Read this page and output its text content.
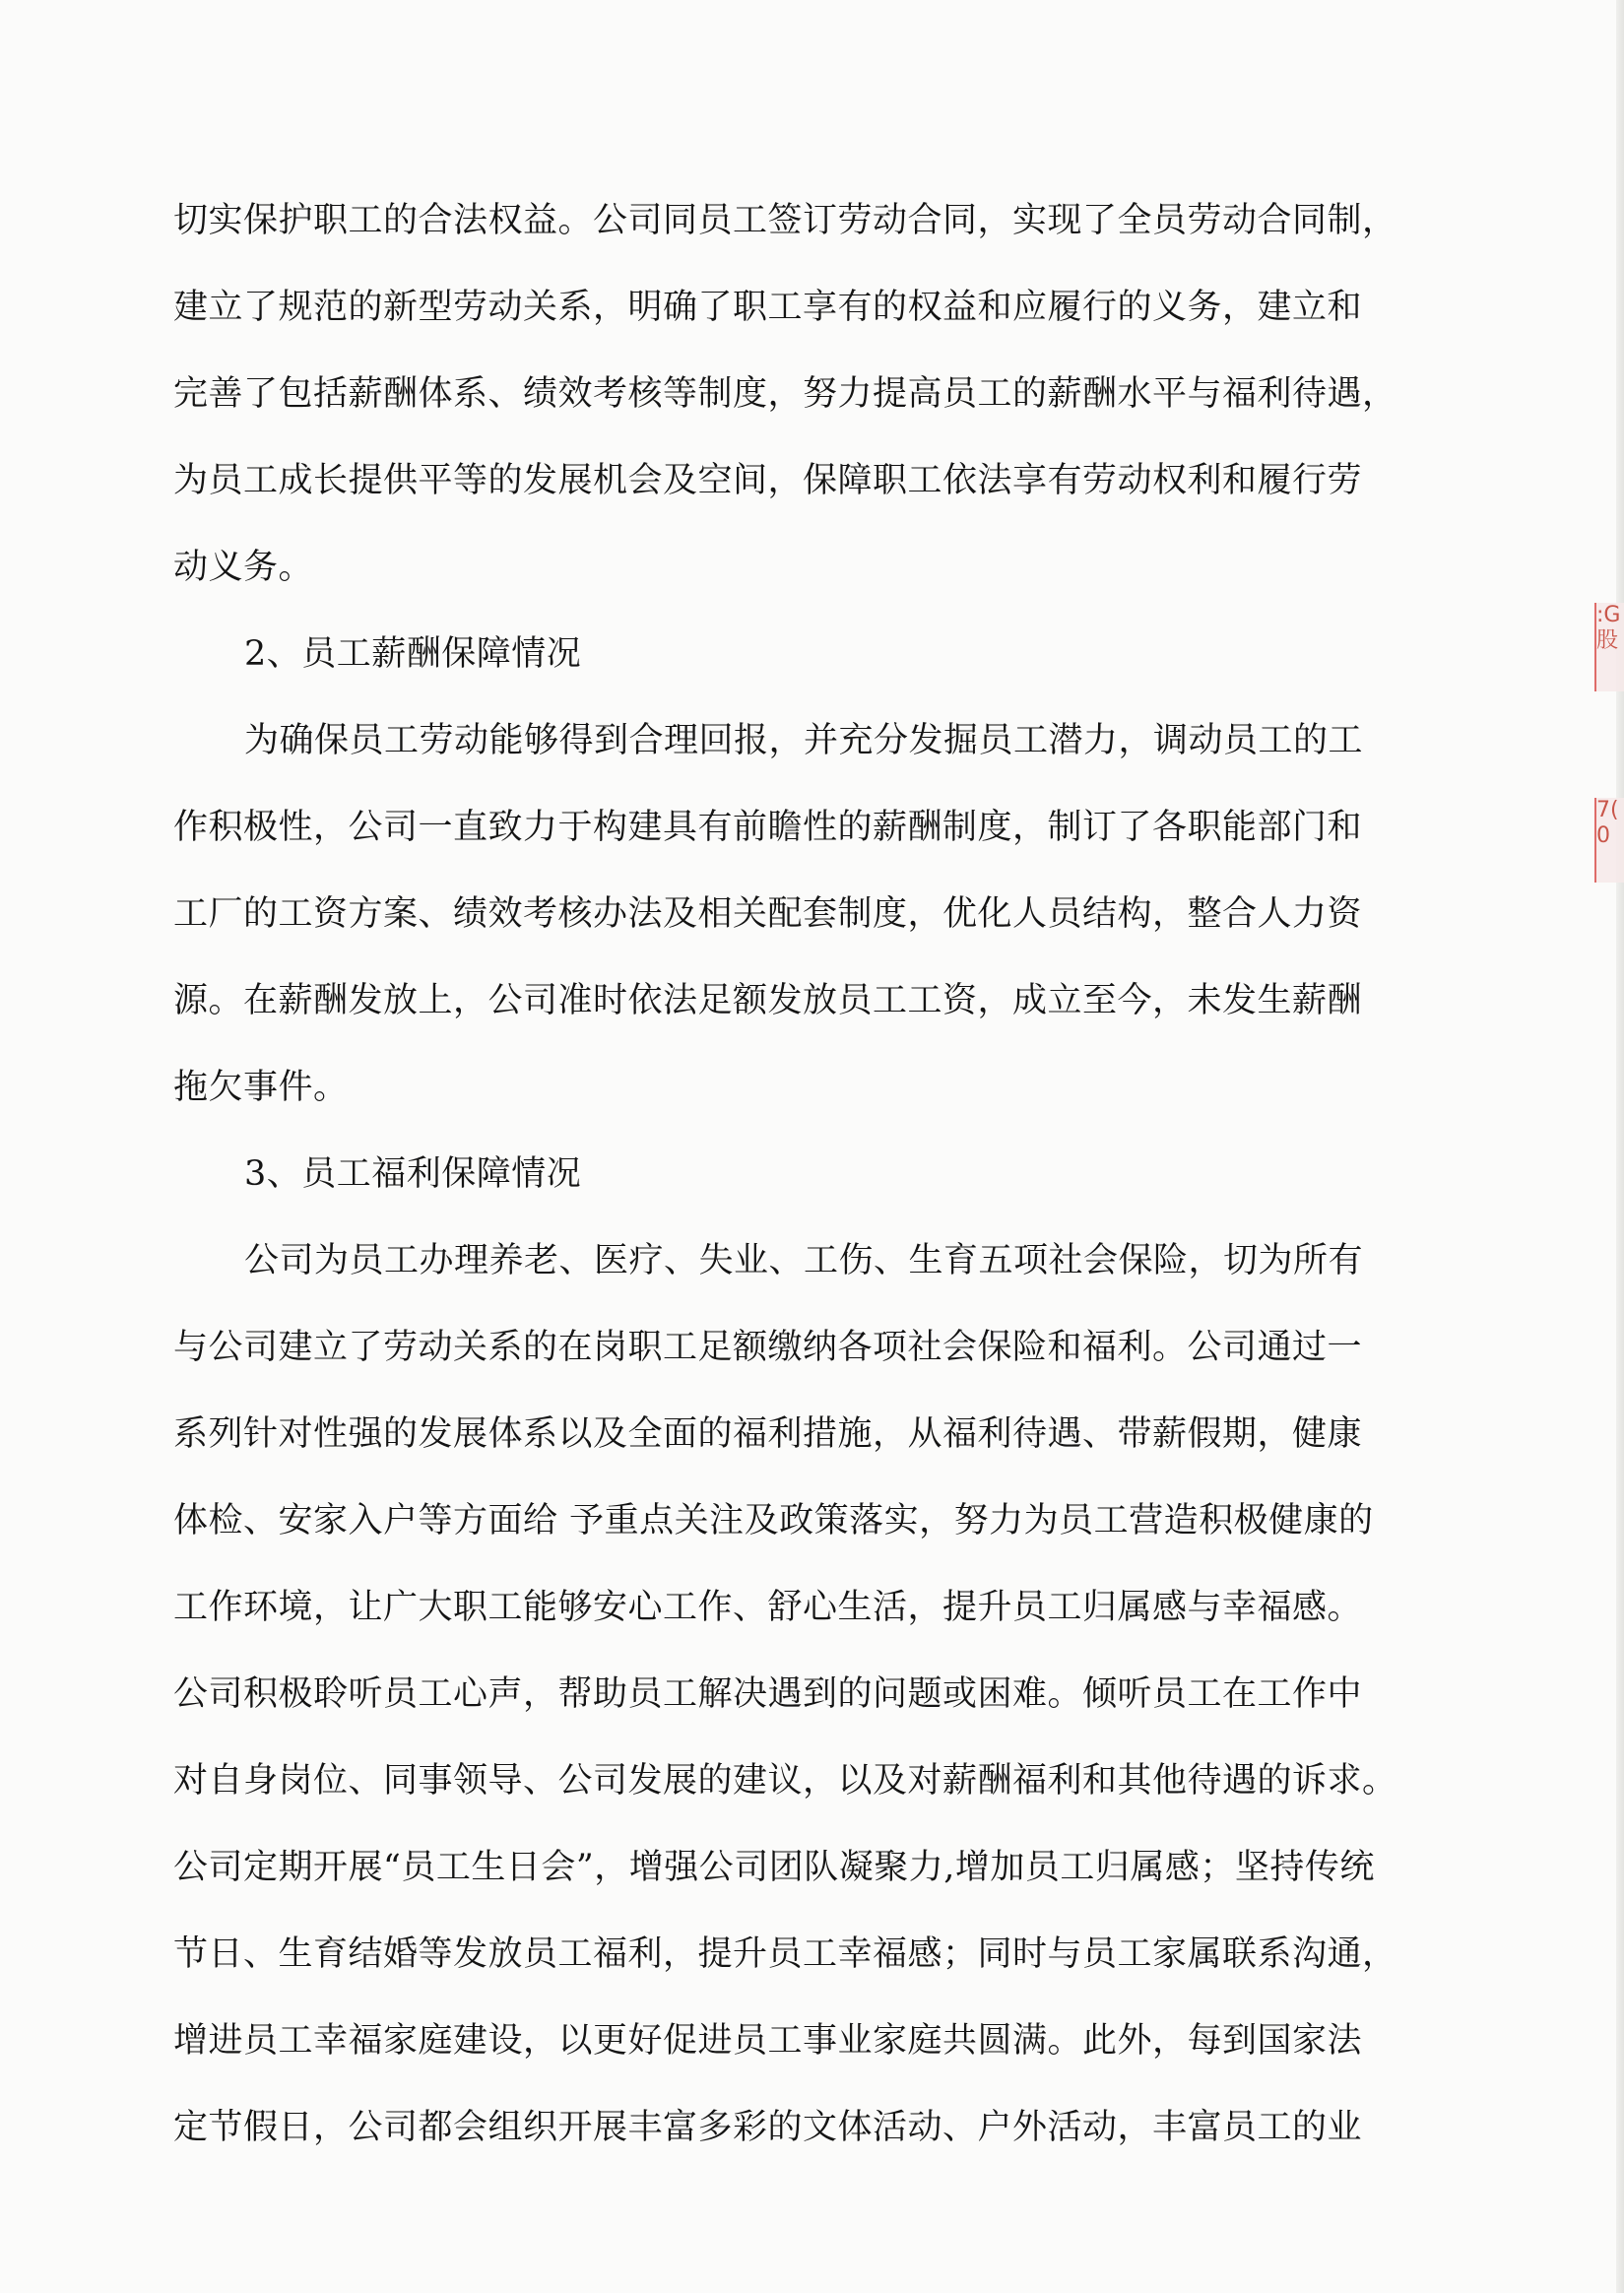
切实保护职工的合法权益。公司同员工签订劳动合同，实现了全员劳动合同制，
建立了规范的新型劳动关系，明确了职工享有的权益和应履行的义务，建立和
完善了包括薪酬体系、绩效考核等制度，努力提高员工的薪酬水平与福利待遇，
为员工成长提供平等的发展机会及空间，保障职工依法享有劳动权利和履行劳
动义务。
2、员工薪酬保障情况
为确保员工劳动能够得到合理回报，并充分发掘员工潜力，调动员工的工
作积极性，公司一直致力于构建具有前瞻性的薪酬制度，制订了各职能部门和
工厂的工资方案、绩效考核办法及相关配套制度，优化人员结构，整合人力资
源。在薪酬发放上，公司准时依法足额发放员工工资，成立至今，未发生薪酬
拖欠事件。
3、员工福利保障情况
公司为员工办理养老、医疗、失业、工伤、生育五项社会保险，切为所有
与公司建立了劳动关系的在岗职工足额缴纳各项社会保险和福利。公司通过一
系列针对性强的发展体系以及全面的福利措施，从福利待遇、带薪假期，健康
体检、安家入户等方面给 予重点关注及政策落实，努力为员工营造积极健康的
工作环境，让广大职工能够安心工作、舒心生活，提升员工归属感与幸福感。
公司积极聆听员工心声，帮助员工解决遇到的问题或困难。倾听员工在工作中
对自身岗位、同事领导、公司发展的建议，以及对薪酬福利和其他待遇的诉求。
公司定期开展“员工生日会”，增强公司团队凝聚力,增加员工归属感；坚持传统
节日、生育结婚等发放员工福利，提升员工幸福感；同时与员工家属联系沟通，
增进员工幸福家庭建设，以更好促进员工事业家庭共圆满。此外，每到国家法
定节假日，公司都会组织开展丰富多彩的文体活动、户外活动，丰富员工的业
:G 股
7( 0
